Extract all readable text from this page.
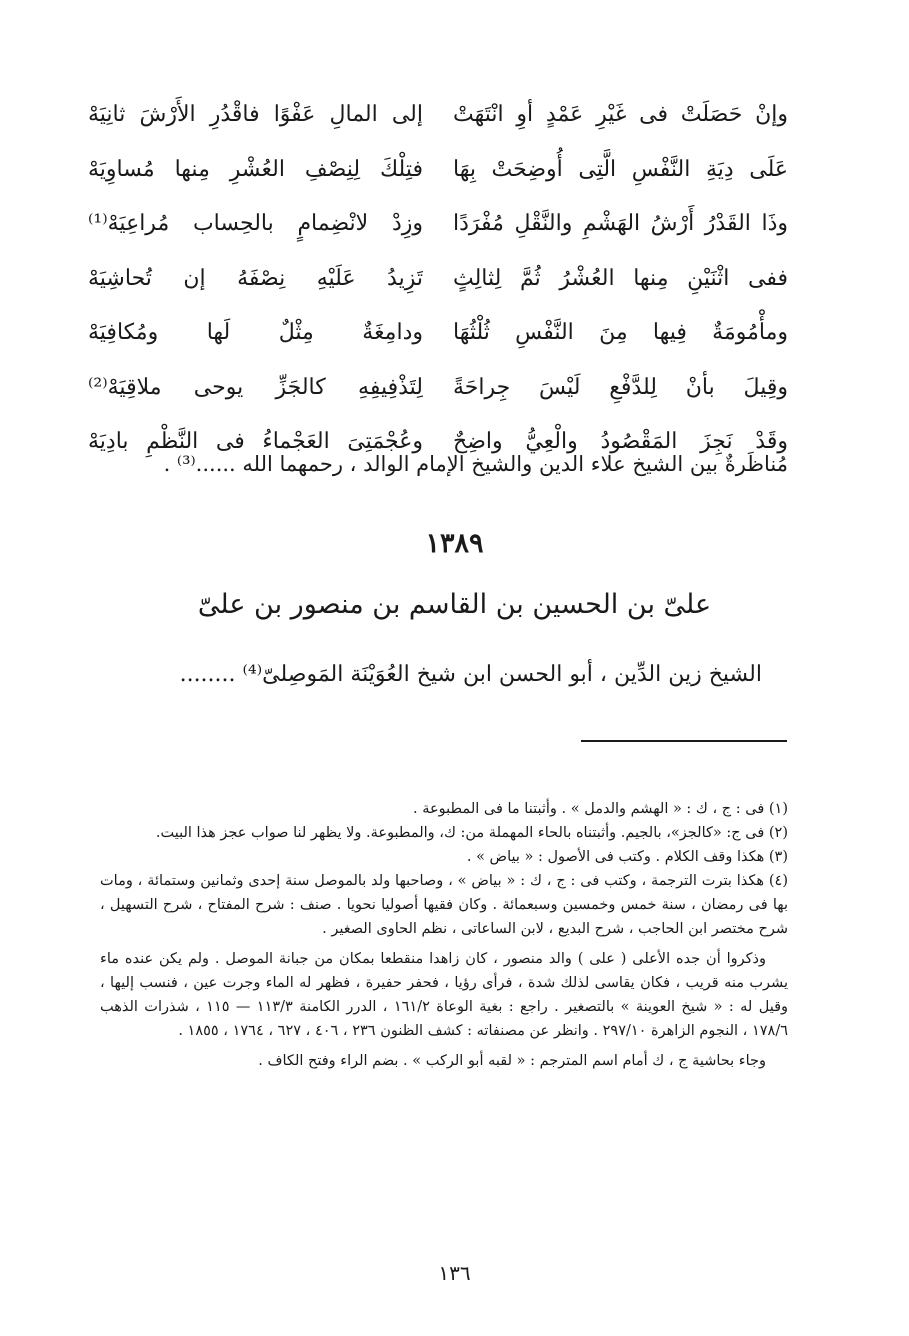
وإنْ حَصَلَتْ فى غَيْرِ عَمْدٍ أوِ انْتَهَتْ
إلى المالِ عَفْوًا فاقْدُرِ الأَرْشَ ثانِيَهْ
عَلَى دِيَةِ النَّفْسِ الَّتِى أُوضِحَتْ بِهَا
فتِلْكَ لِنِصْفِ العُشْرِ مِنها مُساوِيَهْ
وذَا القَدْرُ أَرْشُ الهَشْمِ والنَّقْلِ مُفْرَدًا
وزِدْ لانْضِمامٍ بالحِساب مُراعِيَهْ⁽¹⁾
ففى اثْنَيْنِ مِنها العُشْرُ ثُمَّ لِثالِثٍ
تَزِيدُ عَلَيْهِ نِصْفَهُ إن تُحاشِيَهْ
ومأْمُومَةٌ فِيها مِنَ النَّفْسِ ثُلْثُهَا
ودامِغَةٌ مِثْلٌ لَها ومُكافِيَهْ
وقِيلَ بأنْ لِلدَّفْعِ لَيْسَ جِراحَةً
لِتَذْفِيفِهِ كالجَزِّ يوحى ملاقِيَهْ⁽²⁾
وقَدْ نَجِزَ المَقْصُودُ والْعِيُّ واضِحٌ
وعُجْمَتِىَ العَجْماءُ فى النَّظْمِ بادِيَهْ
مُناظَرةٌ بين الشيخ علاء الدين والشيخ الإمام الوالد ، رحمهما الله ......⁽³⁾ .
١٣٨٩
علىّ بن الحسين بن القاسم بن منصور بن علىّ
الشيخ زين الدِّين ، أبو الحسن ابن شيخ العُوَيْنَة المَوصِلىّ⁽⁴⁾ ........

(١) فى : ج ، ك : « الهشم والدمل » . وأثبتنا ما فى المطبوعة .

(٢) فى ج: «كالجز»، بالجيم. وأثبتناه بالحاء المهملة من: ك، والمطبوعة. ولا يظهر لنا صواب عجز هذا البيت.

(٣) هكذا وقف الكلام . وكتب فى الأصول : « بياض » .

(٤) هكذا بترت الترجمة ، وكتب فى : ج ، ك : « بياض » ، وصاحبها ولد بالموصل سنة إحدى وثمانين وستمائة ، ومات بها فى رمضان ، سنة خمس وخمسين وسبعمائة . وكان فقيها أصوليا نحويا . صنف : شرح المفتاح ، شرح التسهيل ، شرح مختصر ابن الحاجب ، شرح البديع ، لابن الساعاتى ، نظم الحاوى الصغير .

وذكروا أن جده الأعلى ( على ) والد منصور ، كان زاهدا منقطعا بمكان من جبانة الموصل . ولم يكن عنده ماء يشرب منه قريب ، فكان يقاسى لذلك شدة ، فرأى رؤيا ، فحفر حفيرة ، فظهر له الماء وجرت عين ، فنسب إليها ، وقيل له : « شيخ العوينة » بالتصغير . راجع : بغية الوعاة ١٦١/٢ ، الدرر الكامنة ١١٣/٣ — ١١٥ ، شذرات الذهب ١٧٨/٦ ، النجوم الزاهرة ٢٩٧/١٠ . وانظر عن مصنفاته : كشف الظنون ٢٣٦ ، ٤٠٦ ، ٦٢٧ ، ١٧٦٤ ، ١٨٥٥ .

وجاء بحاشية ج ، ك أمام اسم المترجم : « لقبه أبو الركب » . بضم الراء وفتح الكاف .

١٣٦
